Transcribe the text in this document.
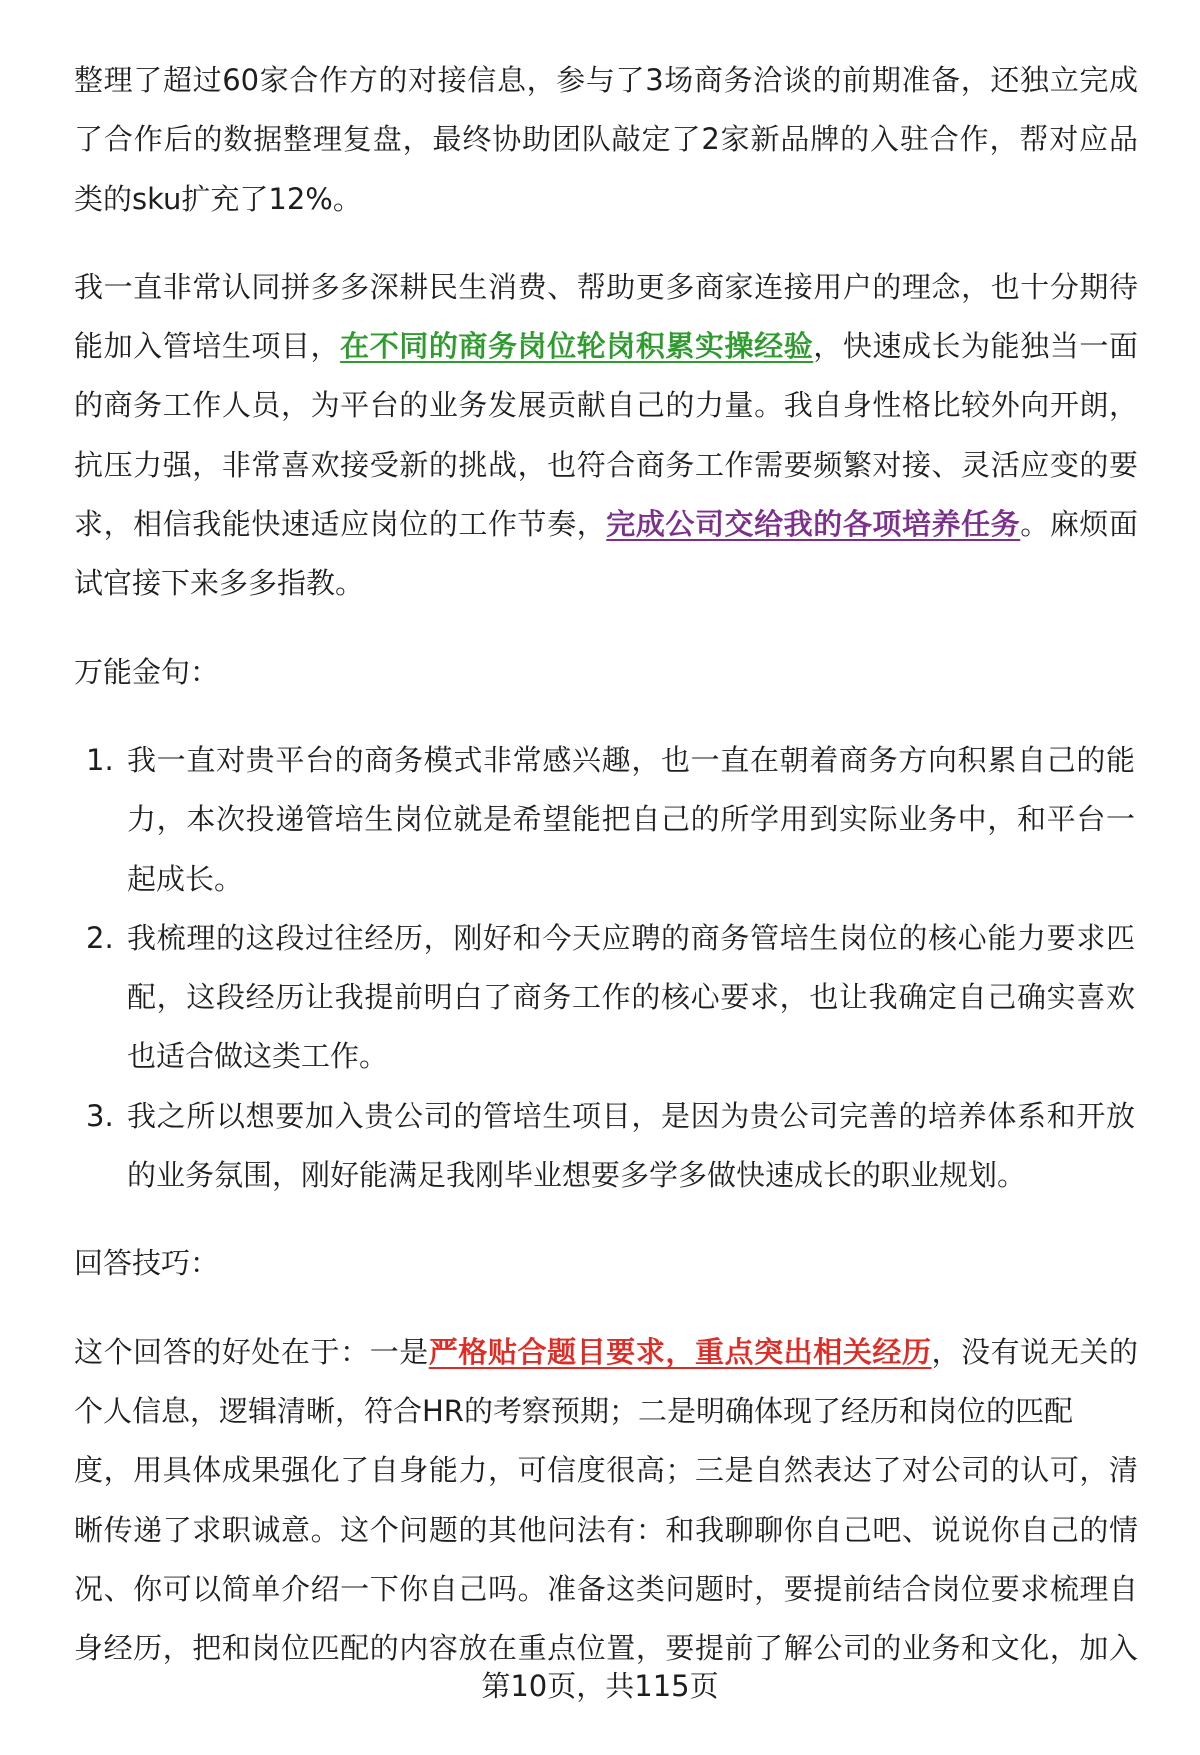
整理了超过60家合作方的对接信息，参与了3场商务洽谈的前期准备，还独立完成
了合作后的数据整理复盘，最终协助团队敲定了2家新品牌的入驻合作，帮对应品
类的sku扩充了12%。
我一直非常认同拼多多深耕民生消费、帮助更多商家连接用户的理念，也十分期待
能加入管培生项目，在不同的商务岗位轮岗积累实操经验，快速成长为能独当一面
的商务工作人员，为平台的业务发展贡献自己的力量。我自身性格比较外向开朗，
抗压力强，非常喜欢接受新的挑战，也符合商务工作需要频繁对接、灵活应变的要
求，相信我能快速适应岗位的工作节奏，完成公司交给我的各项培养任务。麻烦面
试官接下来多多指教。
万能金句：
1. 我一直对贵平台的商务模式非常感兴趣，也一直在朝着商务方向积累自己的能
力，本次投递管培生岗位就是希望能把自己的所学用到实际业务中，和平台一
起成长。
2. 我梳理的这段过往经历，刚好和今天应聘的商务管培生岗位的核心能力要求匹
配，这段经历让我提前明白了商务工作的核心要求，也让我确定自己确实喜欢
也适合做这类工作。
3. 我之所以想要加入贵公司的管培生项目，是因为贵公司完善的培养体系和开放
的业务氛围，刚好能满足我刚毕业想要多学多做快速成长的职业规划。
回答技巧：
这个回答的好处在于：一是严格贴合题目要求，重点突出相关经历，没有说无关的
个人信息，逻辑清晰，符合HR的考察预期；二是明确体现了经历和岗位的匹配
度，用具体成果强化了自身能力，可信度很高；三是自然表达了对公司的认可，清
晰传递了求职诚意。这个问题的其他问法有：和我聊聊你自己吧、说说你自己的情
况、你可以简单介绍一下你自己吗。准备这类问题时，要提前结合岗位要求梳理自
身经历，把和岗位匹配的内容放在重点位置，要提前了解公司的业务和文化，加入
第10页，共115页
